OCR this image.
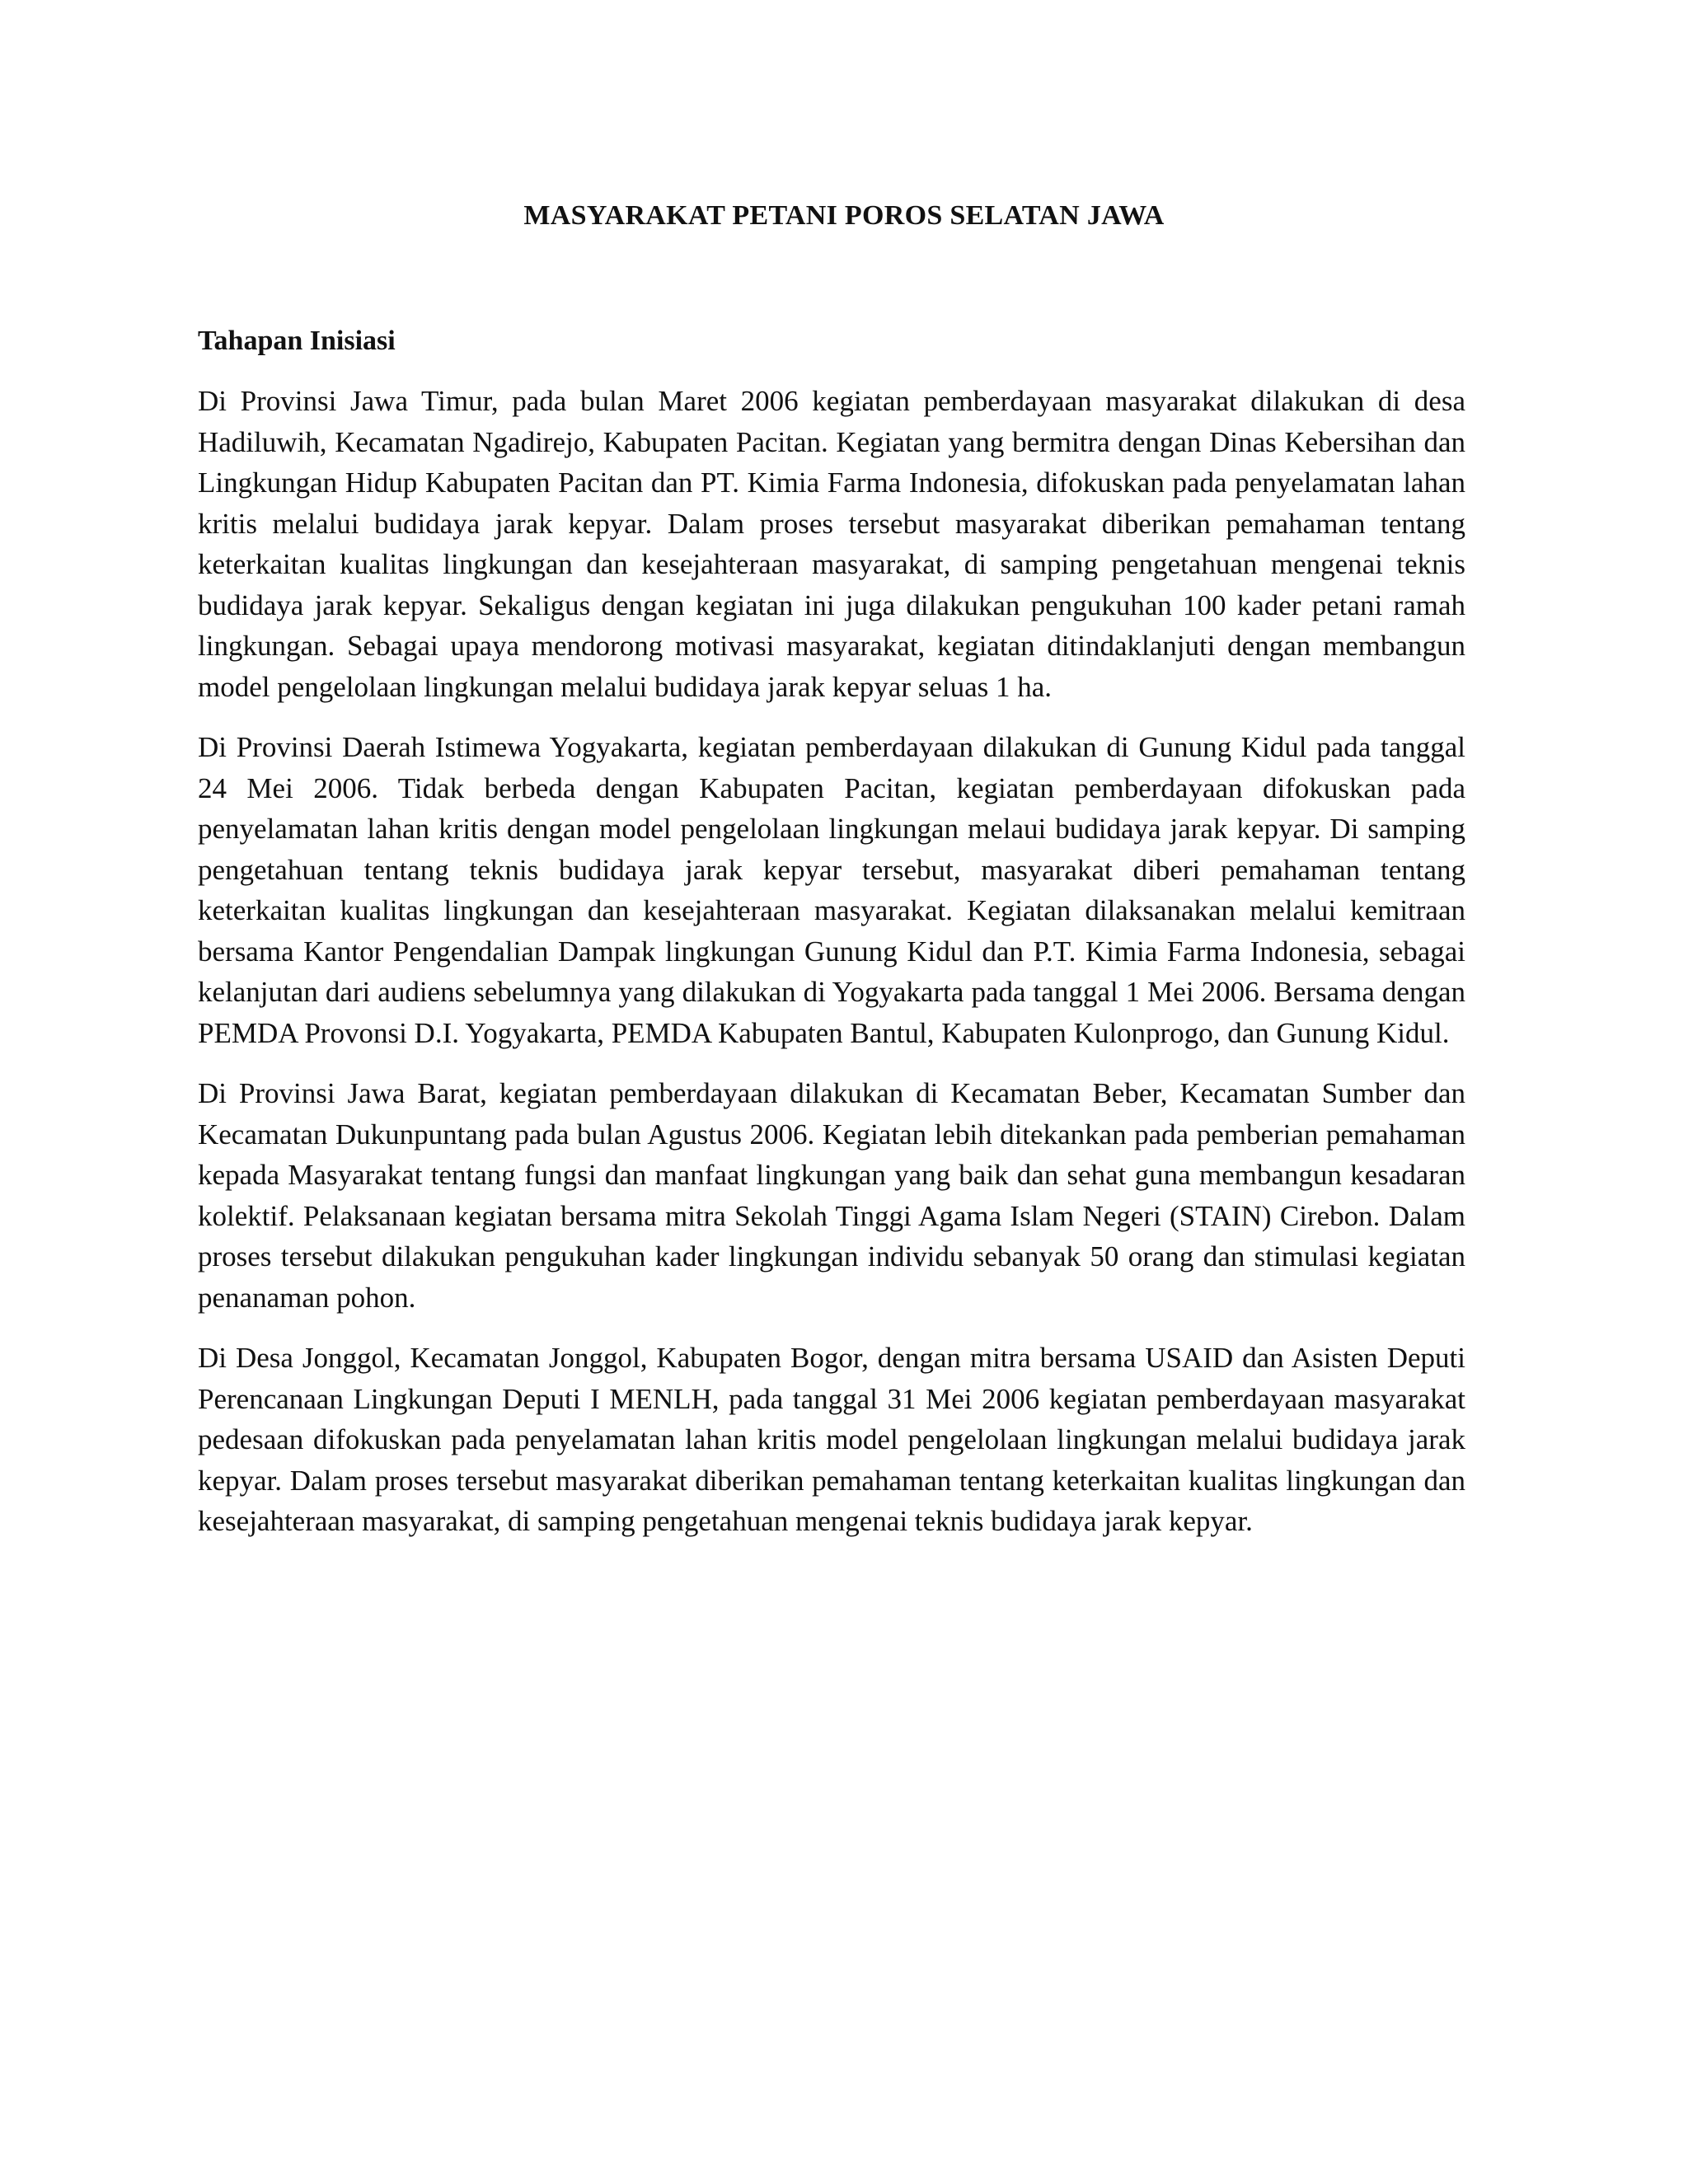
MASYARAKAT PETANI POROS SELATAN JAWA
Tahapan Inisiasi

Di Provinsi Jawa Timur, pada bulan Maret 2006 kegiatan pemberdayaan masyarakat dilakukan di desa Hadiluwih, Kecamatan Ngadirejo, Kabupaten Pacitan. Kegiatan yang bermitra dengan Dinas Kebersihan dan Lingkungan Hidup Kabupaten Pacitan dan PT. Kimia Farma Indonesia, difokuskan pada penyelamatan lahan kritis melalui budidaya jarak kepyar. Dalam proses tersebut masyarakat diberikan pemahaman tentang keterkaitan kualitas lingkungan dan kesejahteraan masyarakat, di samping pengetahuan mengenai teknis budidaya jarak kepyar. Sekaligus dengan kegiatan ini juga dilakukan pengukuhan 100 kader petani ramah lingkungan. Sebagai upaya mendorong motivasi masyarakat, kegiatan ditindaklanjuti dengan membangun model pengelolaan lingkungan melalui budidaya jarak kepyar seluas 1 ha.

Di Provinsi Daerah Istimewa Yogyakarta, kegiatan pemberdayaan dilakukan di Gunung Kidul pada tanggal 24 Mei 2006. Tidak berbeda dengan Kabupaten Pacitan, kegiatan pemberdayaan difokuskan pada penyelamatan lahan kritis dengan model pengelolaan lingkungan melaui budidaya jarak kepyar. Di samping pengetahuan tentang teknis budidaya jarak kepyar tersebut, masyarakat diberi pemahaman tentang keterkaitan kualitas lingkungan dan kesejahteraan masyarakat. Kegiatan dilaksanakan melalui kemitraan bersama Kantor Pengendalian Dampak lingkungan Gunung Kidul dan P.T. Kimia Farma Indonesia, sebagai kelanjutan dari audiens sebelumnya yang dilakukan di Yogyakarta pada tanggal 1 Mei 2006. Bersama dengan PEMDA Provonsi D.I. Yogyakarta, PEMDA Kabupaten Bantul, Kabupaten Kulonprogo, dan Gunung Kidul.

Di Provinsi Jawa Barat, kegiatan pemberdayaan dilakukan di Kecamatan Beber, Kecamatan Sumber dan Kecamatan Dukunpuntang pada bulan Agustus 2006. Kegiatan lebih ditekankan pada pemberian pemahaman kepada Masyarakat tentang fungsi dan manfaat lingkungan yang baik dan sehat guna membangun kesadaran kolektif. Pelaksanaan kegiatan bersama mitra Sekolah Tinggi Agama Islam Negeri (STAIN) Cirebon. Dalam proses tersebut dilakukan pengukuhan kader lingkungan individu sebanyak 50 orang dan stimulasi kegiatan penanaman pohon.

Di Desa Jonggol, Kecamatan Jonggol, Kabupaten Bogor, dengan mitra bersama USAID dan Asisten Deputi Perencanaan Lingkungan Deputi I MENLH, pada tanggal 31 Mei 2006 kegiatan pemberdayaan masyarakat pedesaan difokuskan pada penyelamatan lahan kritis model pengelolaan lingkungan melalui budidaya jarak kepyar. Dalam proses tersebut masyarakat diberikan pemahaman tentang keterkaitan kualitas lingkungan dan kesejahteraan masyarakat, di samping pengetahuan mengenai teknis budidaya jarak kepyar.
